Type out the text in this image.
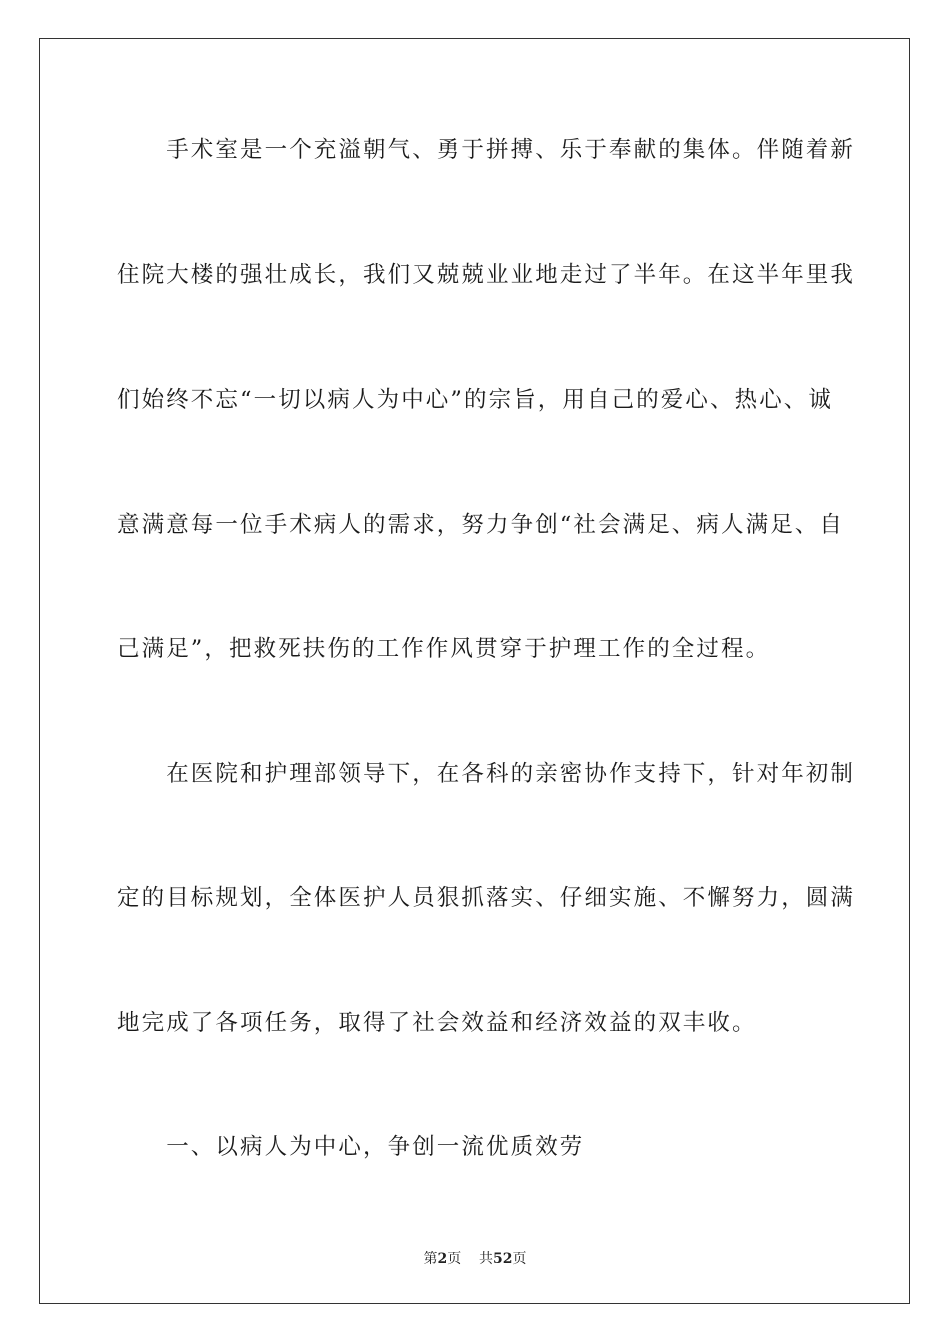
　　手术室是一个充溢朝气、勇于拼搏、乐于奉献的集体。伴随着新

住院大楼的强壮成长，我们又兢兢业业地走过了半年。在这半年里我

们始终不忘“一切以病人为中心”的宗旨，用自己的爱心、热心、诚

意满意每一位手术病人的需求，努力争创“社会满足、病人满足、自

己满足”，把救死扶伤的工作作风贯穿于护理工作的全过程。

　　在医院和护理部领导下，在各科的亲密协作支持下，针对年初制

定的目标规划，全体医护人员狠抓落实、仔细实施、不懈努力，圆满

地完成了各项任务，取得了社会效益和经济效益的双丰收。

　　一、以病人为中心，争创一流优质效劳

第2页 共52页
